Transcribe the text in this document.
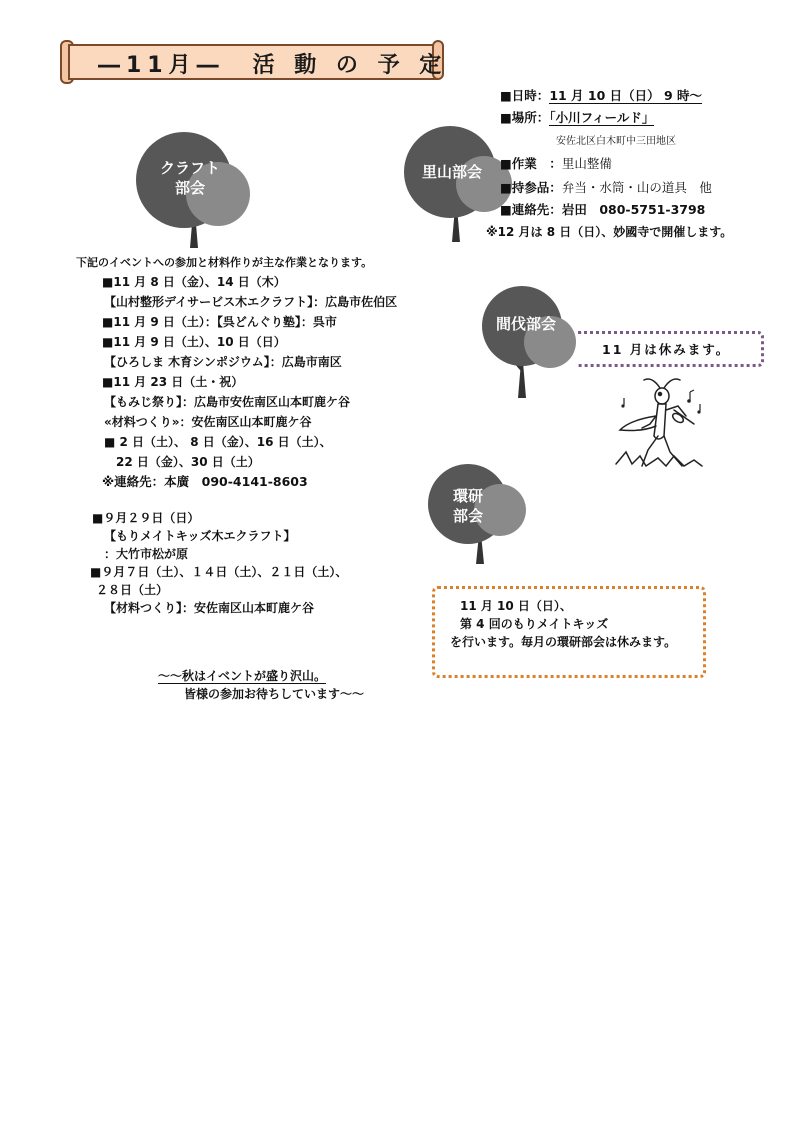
―11月―　活 動 の 予 定
クラフト
部会
里山部会
間伐部会
環研
部会
■日時：11 月 10 日（日） 9 時～
■場所：「小川フィールド」
安佐北区白木町中三田地区
■作業　：里山整備
■持参品：弁当・水筒・山の道具　他
■連絡先：岩田　080-5751-3798
※12 月は 8 日（日）、妙國寺で開催します。
下記のイベントへの参加と材料作りが主な作業となります。
■11 月 8 日（金）、14 日（木）
【山村整形デイサービス木エクラフト】：広島市佐伯区
■11 月 9 日（土）：【呉どんぐり塾】：呉市
■11 月 9 日（土）、10 日（日）
【ひろしま 木育シンポジウム】：広島市南区
■11 月 23 日（土・祝）
【もみじ祭り】：広島市安佐南区山本町鹿ケ谷
«材料つくり»：安佐南区山本町鹿ケ谷
■ 2 日（土）、 8 日（金）、16 日（土）、
22 日（金）、30 日（土）
※連絡先：本廣　090-4141-8603
■９月２９日（日）
【もりメイトキッズ木エクラフト】
：大竹市松が原
■９月７日（土）、１４日（土）、２１日（土）、
２８日（土）
【材料つくり】：安佐南区山本町鹿ケ谷
～～秋はイベントが盛り沢山。
皆様の参加お待ちしています～～
11 月は休みます。
11 月 10 日（日）、
第 4 回のもりメイトキッズ
を行います。毎月の環研部会は休みます。
